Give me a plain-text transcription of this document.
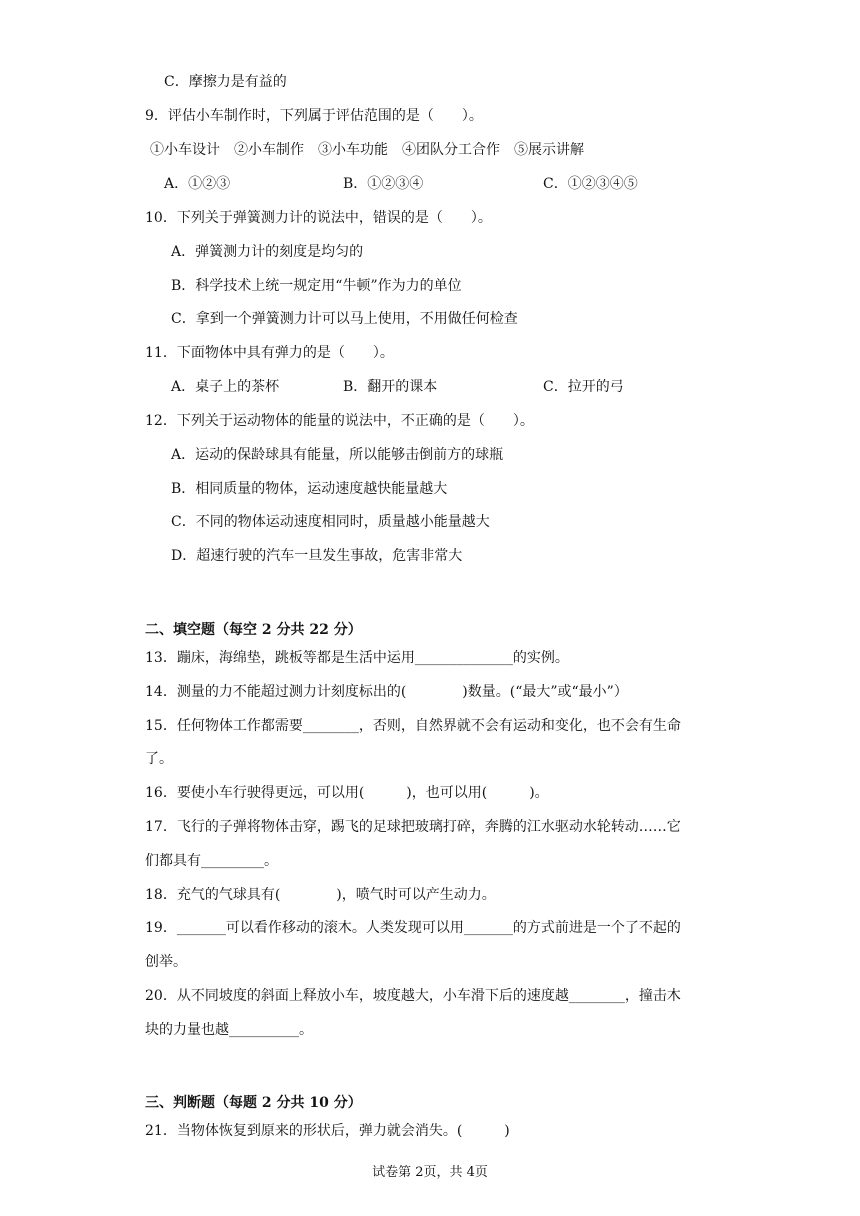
C．摩擦力是有益的
9．评估小车制作时，下列属于评估范围的是（　　）。
①小车设计　②小车制作　③小车功能　④团队分工合作　⑤展示讲解
A．①②③	B．①②③④	C．①②③④⑤
10．下列关于弹簧测力计的说法中，错误的是（　　）。
A．弹簧测力计的刻度是均匀的
B．科学技术上统一规定用“牛顿”作为力的单位
C．拿到一个弹簧测力计可以马上使用，不用做任何检查
11．下面物体中具有弹力的是（　　）。
A．桌子上的茶杯	B．翻开的课本	C．拉开的弓
12．下列关于运动物体的能量的说法中，不正确的是（　　）。
A．运动的保龄球具有能量，所以能够击倒前方的球瓶
B．相同质量的物体，运动速度越快能量越大
C．不同的物体运动速度相同时，质量越小能量越大
D．超速行驶的汽车一旦发生事故，危害非常大
二、填空题（每空 2 分共 22 分）
13．蹦床，海绵垫，跳板等都是生活中运用______________的实例。
14．测量的力不能超过测力计刻度标出的(　　　　)数量。(“最大”或“最小”）
15．任何物体工作都需要________，否则，自然界就不会有运动和变化，也不会有生命
了。
16．要使小车行驶得更远，可以用(　　　)，也可以用(　　　)。
17．飞行的子弹将物体击穿，踢飞的足球把玻璃打碎，奔腾的江水驱动水轮转动……它
们都具有_________。
18．充气的气球具有(　　　　)，喷气时可以产生动力。
19．_______可以看作移动的滚木。人类发现可以用_______的方式前进是一个了不起的
创举。
20．从不同坡度的斜面上释放小车，坡度越大，小车滑下后的速度越________，撞击木
块的力量也越__________。
三、判断题（每题 2 分共 10 分）
21．当物体恢复到原来的形状后，弹力就会消失。(　　　)
试卷第 2页，共 4页
